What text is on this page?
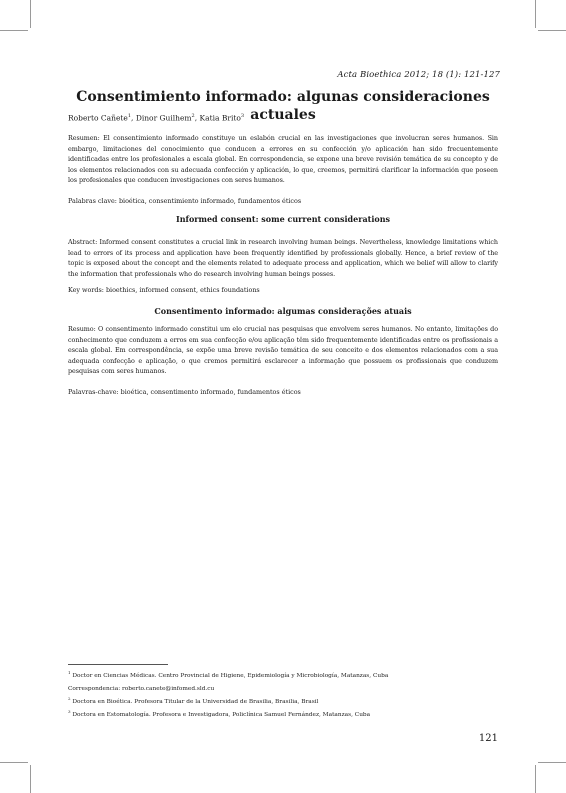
Acta Bioethica 2012; 18 (1): 121-127
Consentimiento informado: algunas consideraciones actuales
Roberto Cañete$^1$, Dinor Guilhem$^2$, Katia Brito$^3$
Resumen: El consentimiento informado constituye un eslabón crucial en las investigaciones que involucran seres humanos. Sin embargo, limitaciones del conocimiento que conducen a errores en su confección y/o aplicación han sido frecuentemente identificadas entre los profesionales a escala global. En correspondencia, se expone una breve revisión temática de su concepto y de los elementos relacionados con su adecuada confección y aplicación, lo que, creemos, permitirá clarificar la información que poseen los profesionales que conducen investigaciones con seres humanos.
Palabras clave: bioética, consentimiento informado, fundamentos éticos
Informed consent: some current considerations
Abstract: Informed consent constitutes a crucial link in research involving human beings. Nevertheless, knowledge limitations which lead to errors of its process and application have been frequently identified by professionals globally. Hence, a brief review of the topic is exposed about the concept and the elements related to adequate process and application, which we belief will allow to clarify the information that professionals who do research involving human beings posses.
Key words: bioethics, informed consent, ethics foundations
Consentimento informado: algumas considerações atuais
Resumo: O consentimento informado constitui um elo crucial nas pesquisas que envolvem seres humanos. No entanto, limitações do conhecimento que conduzem a erros em sua confecção e/ou aplicação têm sido frequentemente identificadas entre os profissionais a escala global. Em correspondência, se expõe uma breve revisão temática de seu conceito e dos elementos relacionados com a sua adequada confecção e aplicação, o que cremos permitirá esclarecer a informação que possuem os profissionais que conduzem pesquisas com seres humanos.
Palavras-chave: bioética, consentimento informado, fundamentos éticos
$^1$ Doctor en Ciencias Médicas. Centro Provincial de Higiene, Epidemiología y Microbiología, Matanzas, Cuba
Correspondencia: roberto.canete@infomed.sld.cu
$^2$ Doctora en Bioética. Profesora Titular de la Universidad de Brasilia, Brasilia, Brasil
$^3$ Doctora en Estomatología. Profesora e Investigadora, Policlínica Samuel Fernández, Matanzas, Cuba
121
